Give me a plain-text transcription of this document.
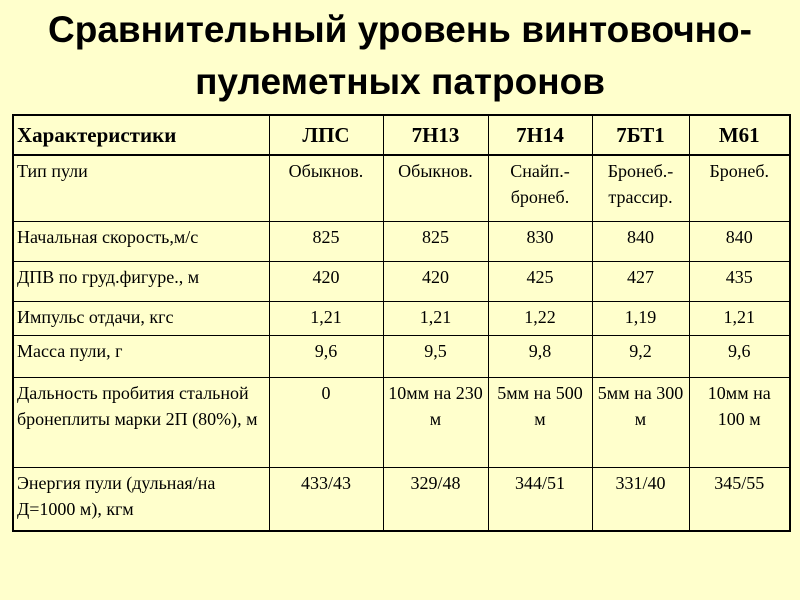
Сравнительный уровень винтовочно-
пулеметных патронов
Характеристики	ЛПС	7Н13	7Н14	7БТ1	М61
Тип пули	Обыкнов.	Обыкнов.	Снайп.-бронеб.	Бронеб.-трассир.	Бронеб.
Начальная скорость,м/с	825	825	830	840	840
ДПВ по груд.фигуре., м	420	420	425	427	435
Импульс отдачи, кгс	1,21	1,21	1,22	1,19	1,21
Масса пули, г	9,6	9,5	9,8	9,2	9,6
Дальность пробития стальной бронеплиты марки 2П (80%), м	0	10мм на 230 м	5мм на 500 м	5мм на 300 м	10мм на 100 м
Энергия пули (дульная/на Д=1000 м), кгм	433/43	329/48	344/51	331/40	345/55
